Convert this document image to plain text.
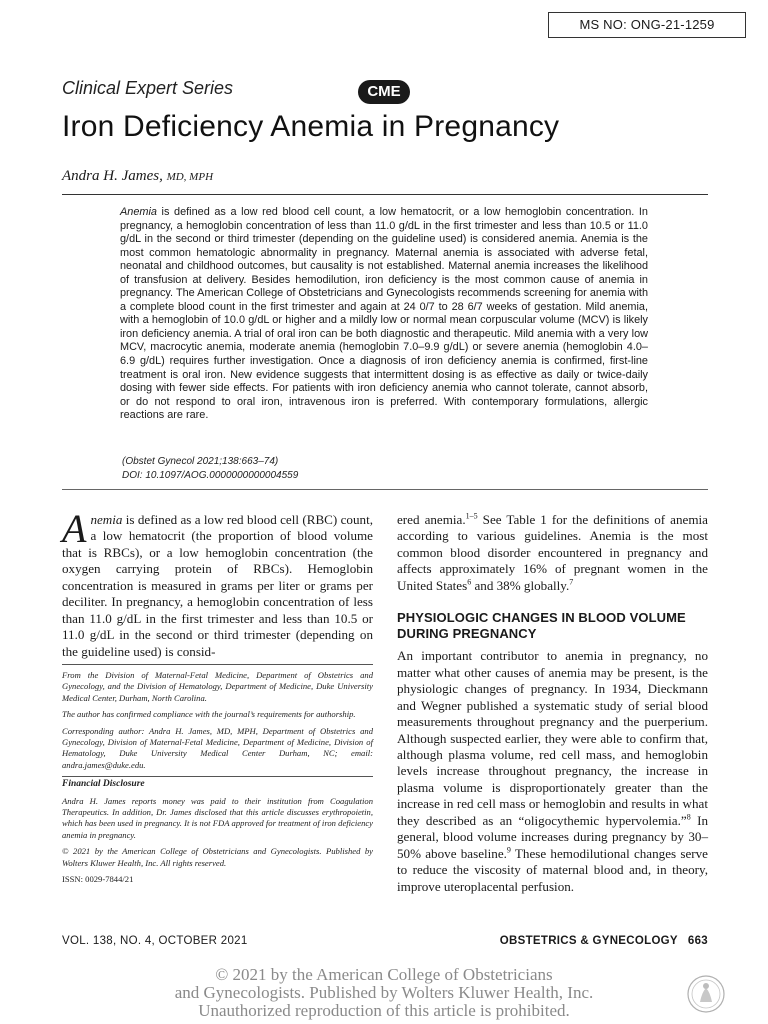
MS NO: ONG-21-1259
Clinical Expert Series	CME
Iron Deficiency Anemia in Pregnancy
Andra H. James, MD, MPH
Anemia is defined as a low red blood cell count, a low hematocrit, or a low hemoglobin concentration. In pregnancy, a hemoglobin concentration of less than 11.0 g/dL in the first trimester and less than 10.5 or 11.0 g/dL in the second or third trimester (depending on the guideline used) is considered anemia. Anemia is the most common hematologic abnormality in pregnancy. Maternal anemia is associated with adverse fetal, neonatal and childhood outcomes, but causality is not established. Maternal anemia increases the likelihood of transfusion at delivery. Besides hemodilution, iron deficiency is the most common cause of anemia in pregnancy. The American College of Obstetricians and Gynecologists recommends screening for anemia with a complete blood count in the first trimester and again at 24 0/7 to 28 6/7 weeks of gestation. Mild anemia, with a hemoglobin of 10.0 g/dL or higher and a mildly low or normal mean corpuscular volume (MCV) is likely iron deficiency anemia. A trial of oral iron can be both diagnostic and therapeutic. Mild anemia with a very low MCV, macrocytic anemia, moderate anemia (hemoglobin 7.0–9.9 g/dL) or severe anemia (hemoglobin 4.0–6.9 g/dL) requires further investigation. Once a diagnosis of iron deficiency anemia is confirmed, first-line treatment is oral iron. New evidence suggests that intermittent dosing is as effective as daily or twice-daily dosing with fewer side effects. For patients with iron deficiency anemia who cannot tolerate, cannot absorb, or do not respond to oral iron, intravenous iron is preferred. With contemporary formulations, allergic reactions are rare.
(Obstet Gynecol 2021;138:663–74)
DOI: 10.1097/AOG.0000000000004559
Anemia is defined as a low red blood cell (RBC) count, a low hematocrit (the proportion of blood volume that is RBCs), or a low hemoglobin concentration (the oxygen carrying protein of RBCs). Hemoglobin concentration is measured in grams per liter or grams per deciliter. In pregnancy, a hemoglobin concentration of less than 11.0 g/dL in the first trimester and less than 10.5 or 11.0 g/dL in the second or third trimester (depending on the guideline used) is consid-

From the Division of Maternal-Fetal Medicine, Department of Obstetrics and Gynecology, and the Division of Hematology, Department of Medicine, Duke University Medical Center, Durham, North Carolina.

The author has confirmed compliance with the journal’s requirements for authorship.

Corresponding author: Andra H. James, MD, MPH, Department of Obstetrics and Gynecology, Division of Maternal-Fetal Medicine, Department of Medicine, Division of Hematology, Duke University Medical Center Durham, NC; email: andra.james@duke.edu.

Financial Disclosure

Andra H. James reports money was paid to their institution from Coagulation Therapeutics. In addition, Dr. James disclosed that this article discusses erythropoietin, which has been used in pregnancy. It is not FDA approved for treatment of iron deficiency anemia in pregnancy.

© 2021 by the American College of Obstetricians and Gynecologists. Published by Wolters Kluwer Health, Inc. All rights reserved.

ISSN: 0029-7844/21

ered anemia.$^{1-5}$ See Table 1 for the definitions of anemia according to various guidelines. Anemia is the most common blood disorder encountered in pregnancy and affects approximately 16% of pregnant women in the United States$^6$ and 38% globally.$^7$

PHYSIOLOGIC CHANGES IN BLOOD VOLUME DURING PREGNANCY

An important contributor to anemia in pregnancy, no matter what other causes of anemia may be present, is the physiologic changes of pregnancy. In 1934, Dieckmann and Wegner published a systematic study of serial blood measurements throughout pregnancy and the puerperium. Although suspected earlier, they were able to confirm that, although plasma volume, red cell mass, and hemoglobin levels increase throughout pregnancy, the increase in plasma volume is disproportionately greater than the increase in red cell mass or hemoglobin and results in what they described as an “oligocythemic hypervolemia.”$^8$ In general, blood volume increases during pregnancy by 30–50% above baseline.$^9$ These hemodilutional changes serve to reduce the viscosity of maternal blood and, in theory, improve uteroplacental perfusion.

VOL. 138, NO. 4, OCTOBER 2021	OBSTETRICS & GYNECOLOGY 663
© 2021 by the American College of Obstetricians
and Gynecologists. Published by Wolters Kluwer Health, Inc.
Unauthorized reproduction of this article is prohibited.
